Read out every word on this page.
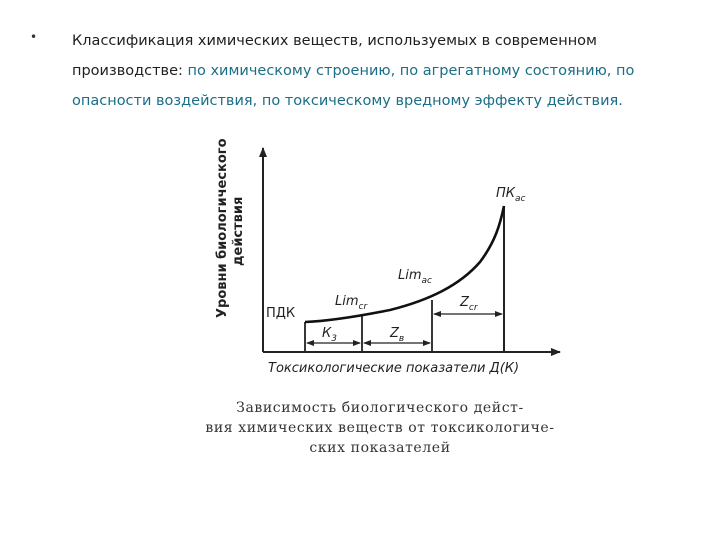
• Классификация химических веществ, используемых в современном производстве: по химическому строению, по агрегатному состоянию, по опасности воздействия, по токсическому вредному эффекту действия.
Уровни биологического действия
ПДК
Lim$_{cr}$
Lim$_{ac}$
$ПК_{ac}$
$К_3$	$Z_в$
$Z_{cr}$
Токсикологические показатели Д(К)
Зависимость биологического дейст-
вия химических веществ от токсикологиче-
ских показателей
